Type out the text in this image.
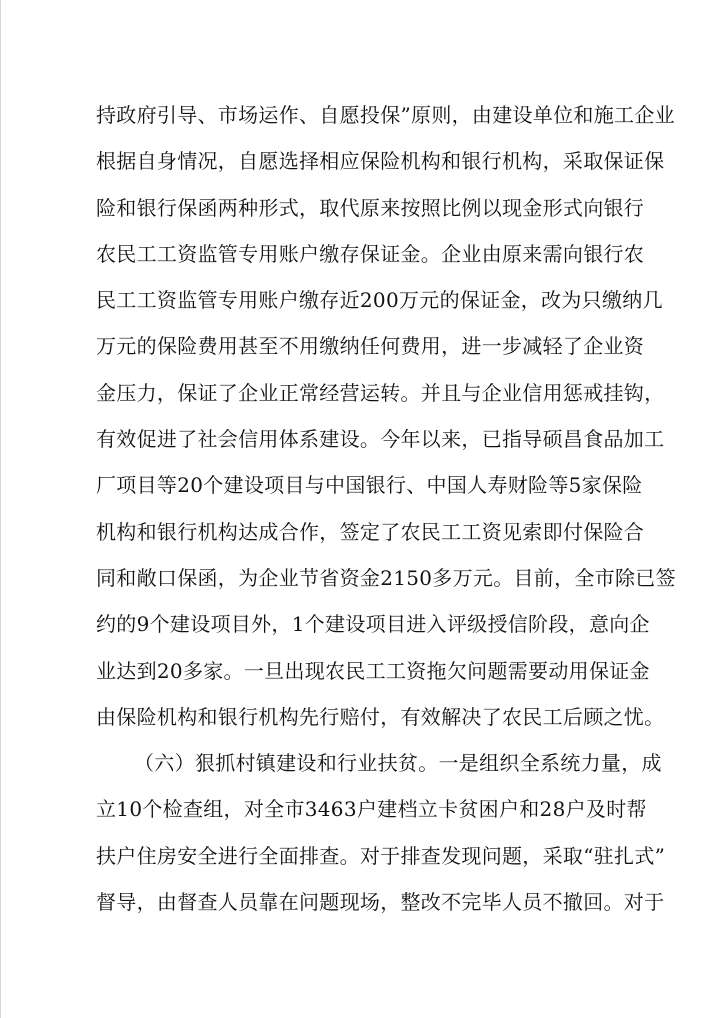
持政府引导、市场运作、自愿投保”原则，由建设单位和施工企业
根据自身情况，自愿选择相应保险机构和银行机构，采取保证保
险和银行保函两种形式，取代原来按照比例以现金形式向银行
农民工工资监管专用账户缴存保证金。企业由原来需向银行农
民工工资监管专用账户缴存近200万元的保证金，改为只缴纳几
万元的保险费用甚至不用缴纳任何费用，进一步减轻了企业资
金压力，保证了企业正常经营运转。并且与企业信用惩戒挂钩，
有效促进了社会信用体系建设。今年以来，已指导硕昌食品加工
厂项目等20个建设项目与中国银行、中国人寿财险等5家保险
机构和银行机构达成合作，签定了农民工工资见索即付保险合
同和敞口保函，为企业节省资金2150多万元。目前，全市除已签
约的9个建设项目外，1个建设项目进入评级授信阶段，意向企
业达到20多家。一旦出现农民工工资拖欠问题需要动用保证金
由保险机构和银行机构先行赔付，有效解决了农民工后顾之忧。
（六）狠抓村镇建设和行业扶贫。一是组织全系统力量，成
立10个检查组，对全市3463户建档立卡贫困户和28户及时帮
扶户住房安全进行全面排查。对于排查发现问题，采取“驻扎式”
督导，由督查人员靠在问题现场，整改不完毕人员不撤回。对于
